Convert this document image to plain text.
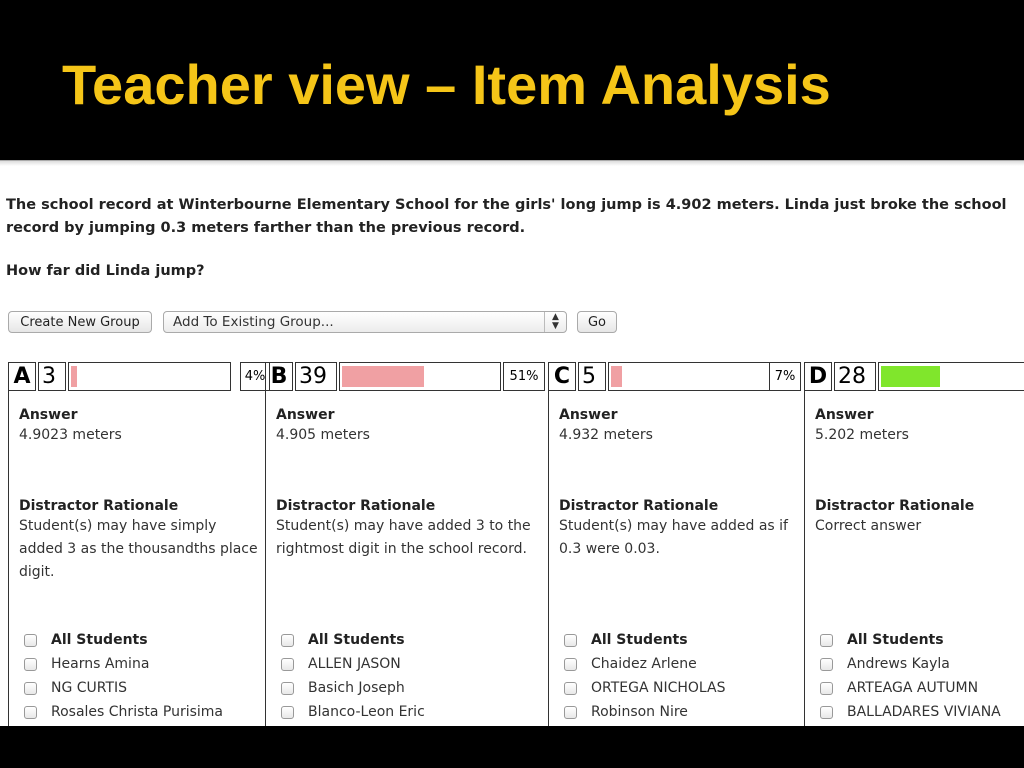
Teacher view – Item Analysis
The school record at Winterbourne Elementary School for the girls' long jump is 4.902 meters. Linda just broke the school record by jumping 0.3 meters farther than the previous record.
How far did Linda jump?
Create New Group	Add To Existing Group...	▲
▼	Go
A 3	4%
Answer
4.9023 meters
Distractor Rationale
Student(s) may have simply added 3 as the thousandths place digit.
All Students
Hearns Amina
NG CURTIS
Rosales Christa Purisima
B 39	51%
Answer
4.905 meters
Distractor Rationale
Student(s) may have added 3 to the rightmost digit in the school record.
All Students
ALLEN JASON
Basich Joseph
Blanco-Leon Eric
C 5	7%
Answer
4.932 meters
Distractor Rationale
Student(s) may have added as if 0.3 were 0.03.
All Students
Chaidez Arlene
ORTEGA NICHOLAS
Robinson Nire
D 28
Answer
5.202 meters
Distractor Rationale
Correct answer
All Students
Andrews Kayla
ARTEAGA AUTUMN
BALLADARES VIVIANA
